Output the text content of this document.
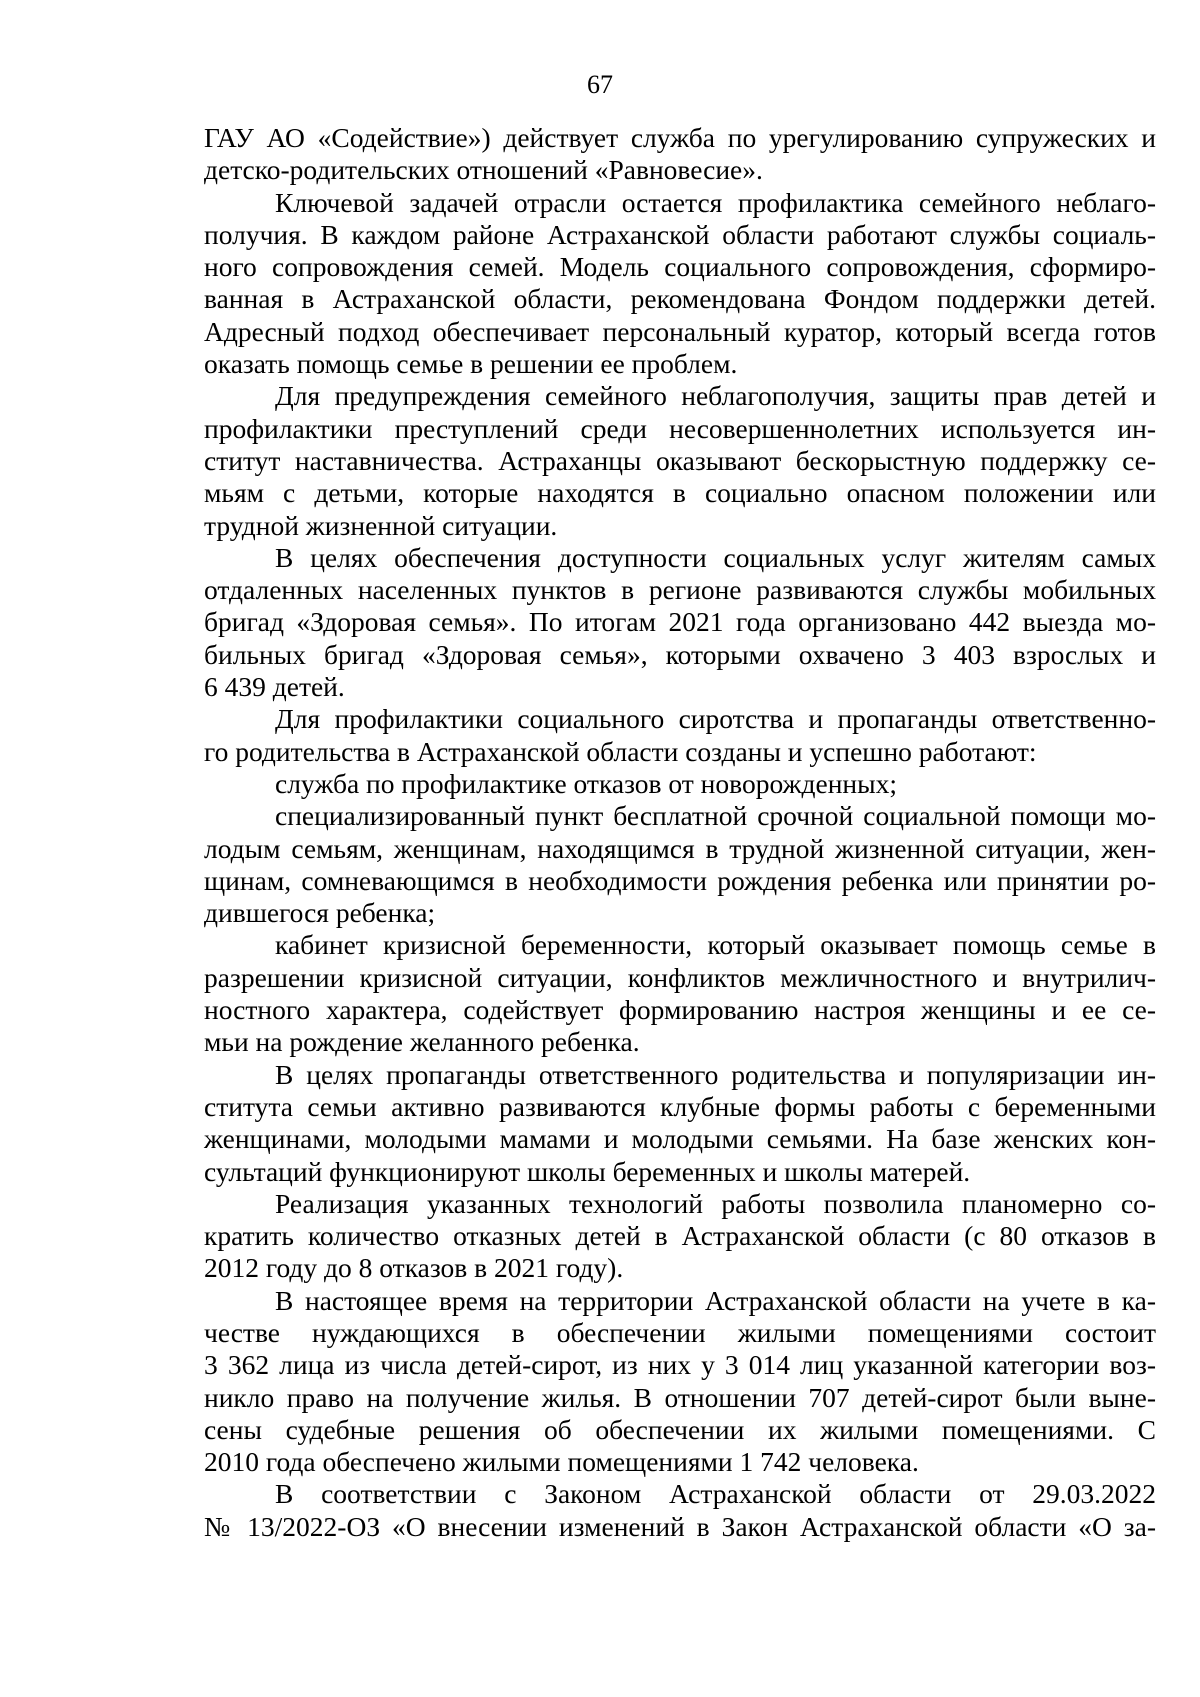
67
ГАУ АО «Содействие») действует служба по урегулированию супружеских и
детско-родительских отношений «Равновесие».
Ключевой задачей отрасли остается профилактика семейного неблаго-
получия. В каждом районе Астраханской области работают службы социаль-
ного сопровождения семей. Модель социального сопровождения, сформиро-
ванная в Астраханской области, рекомендована Фондом поддержки детей.
Адресный подход обеспечивает персональный куратор, который всегда готов
оказать помощь семье в решении ее проблем.
Для предупреждения семейного неблагополучия, защиты прав детей и
профилактики преступлений среди несовершеннолетних используется ин-
ститут наставничества. Астраханцы оказывают бескорыстную поддержку се-
мьям с детьми, которые находятся в социально опасном положении или
трудной жизненной ситуации.
В целях обеспечения доступности социальных услуг жителям самых
отдаленных населенных пунктов в регионе развиваются службы мобильных
бригад «Здоровая семья». По итогам 2021 года организовано 442 выезда мо-
бильных бригад «Здоровая семья», которыми охвачено 3 403 взрослых и
6 439 детей.
Для профилактики социального сиротства и пропаганды ответственно-
го родительства в Астраханской области созданы и успешно работают:
служба по профилактике отказов от новорожденных;
специализированный пункт бесплатной срочной социальной помощи мо-
лодым семьям, женщинам, находящимся в трудной жизненной ситуации, жен-
щинам, сомневающимся в необходимости рождения ребенка или принятии ро-
дившегося ребенка;
кабинет кризисной беременности, который оказывает помощь семье в
разрешении кризисной ситуации, конфликтов межличностного и внутрилич-
ностного характера, содействует формированию настроя женщины и ее се-
мьи на рождение желанного ребенка.
В целях пропаганды ответственного родительства и популяризации ин-
ститута семьи активно развиваются клубные формы работы с беременными
женщинами, молодыми мамами и молодыми семьями. На базе женских кон-
сультаций функционируют школы беременных и школы матерей.
Реализация указанных технологий работы позволила планомерно со-
кратить количество отказных детей в Астраханской области (с 80 отказов в
2012 году до 8 отказов в 2021 году).
В настоящее время на территории Астраханской области на учете в ка-
честве нуждающихся в обеспечении жилыми помещениями состоит
3 362 лица из числа детей-сирот, из них у 3 014 лиц указанной категории воз-
никло право на получение жилья. В отношении 707 детей-сирот были выне-
сены судебные решения об обеспечении их жилыми помещениями. С
2010 года обеспечено жилыми помещениями 1 742 человека.
В соответствии с Законом Астраханской области от 29.03.2022
№ 13/2022-ОЗ «О внесении изменений в Закон Астраханской области «О за-
